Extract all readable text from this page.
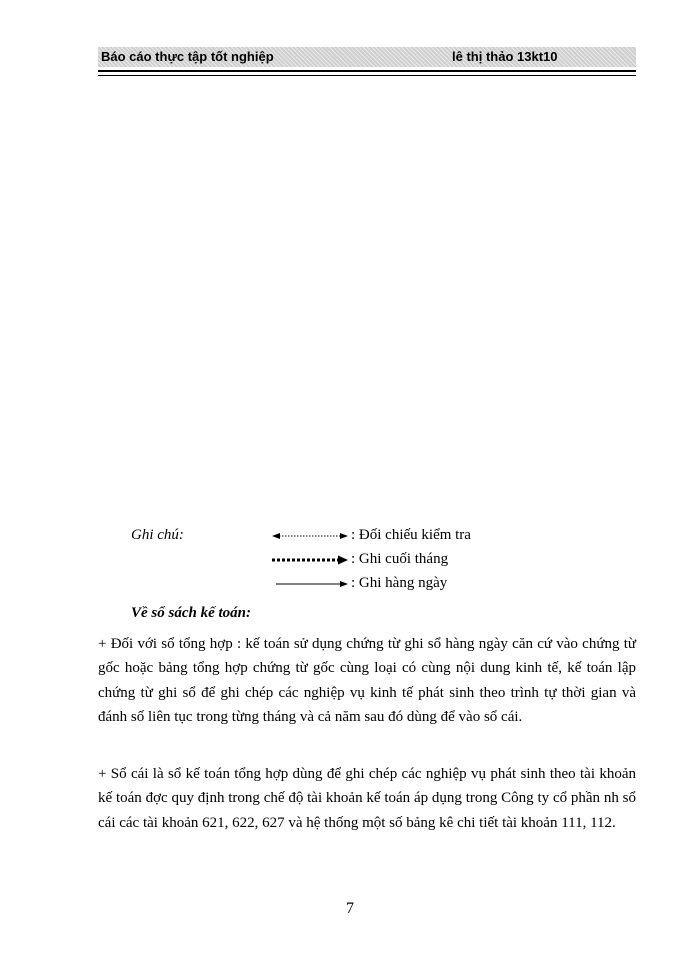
Báo cáo thực tập tốt nghiệp	lê thị thảo 13kt10
Ghi chú:	: Đối chiếu kiểm tra
: Ghi cuối tháng
: Ghi hàng ngày
Về sổ sách kế toán:

+ Đối với sổ tổng hợp : kế toán sử dụng chứng từ ghi sổ hàng ngày căn cứ vào chứng từ gốc hoặc bảng tổng hợp chứng từ gốc cùng loại có cùng nội dung kinh tế, kế toán lập chứng từ ghi sổ để ghi chép các nghiệp vụ kinh tế phát sinh theo trình tự thời gian và đánh số liên tục trong từng tháng và cả năm sau đó dùng để vào sổ cái.

+ Sổ cái là sổ kế toán tổng hợp dùng để ghi chép các nghiệp vụ phát sinh theo tài khoản kế toán đợc quy định trong chế độ tài khoản kế toán áp dụng trong Công ty cổ phần nh sổ cái các tài khoản 621, 622, 627 và hệ thống một số bảng kê chi tiết tài khoản 111, 112.

7
